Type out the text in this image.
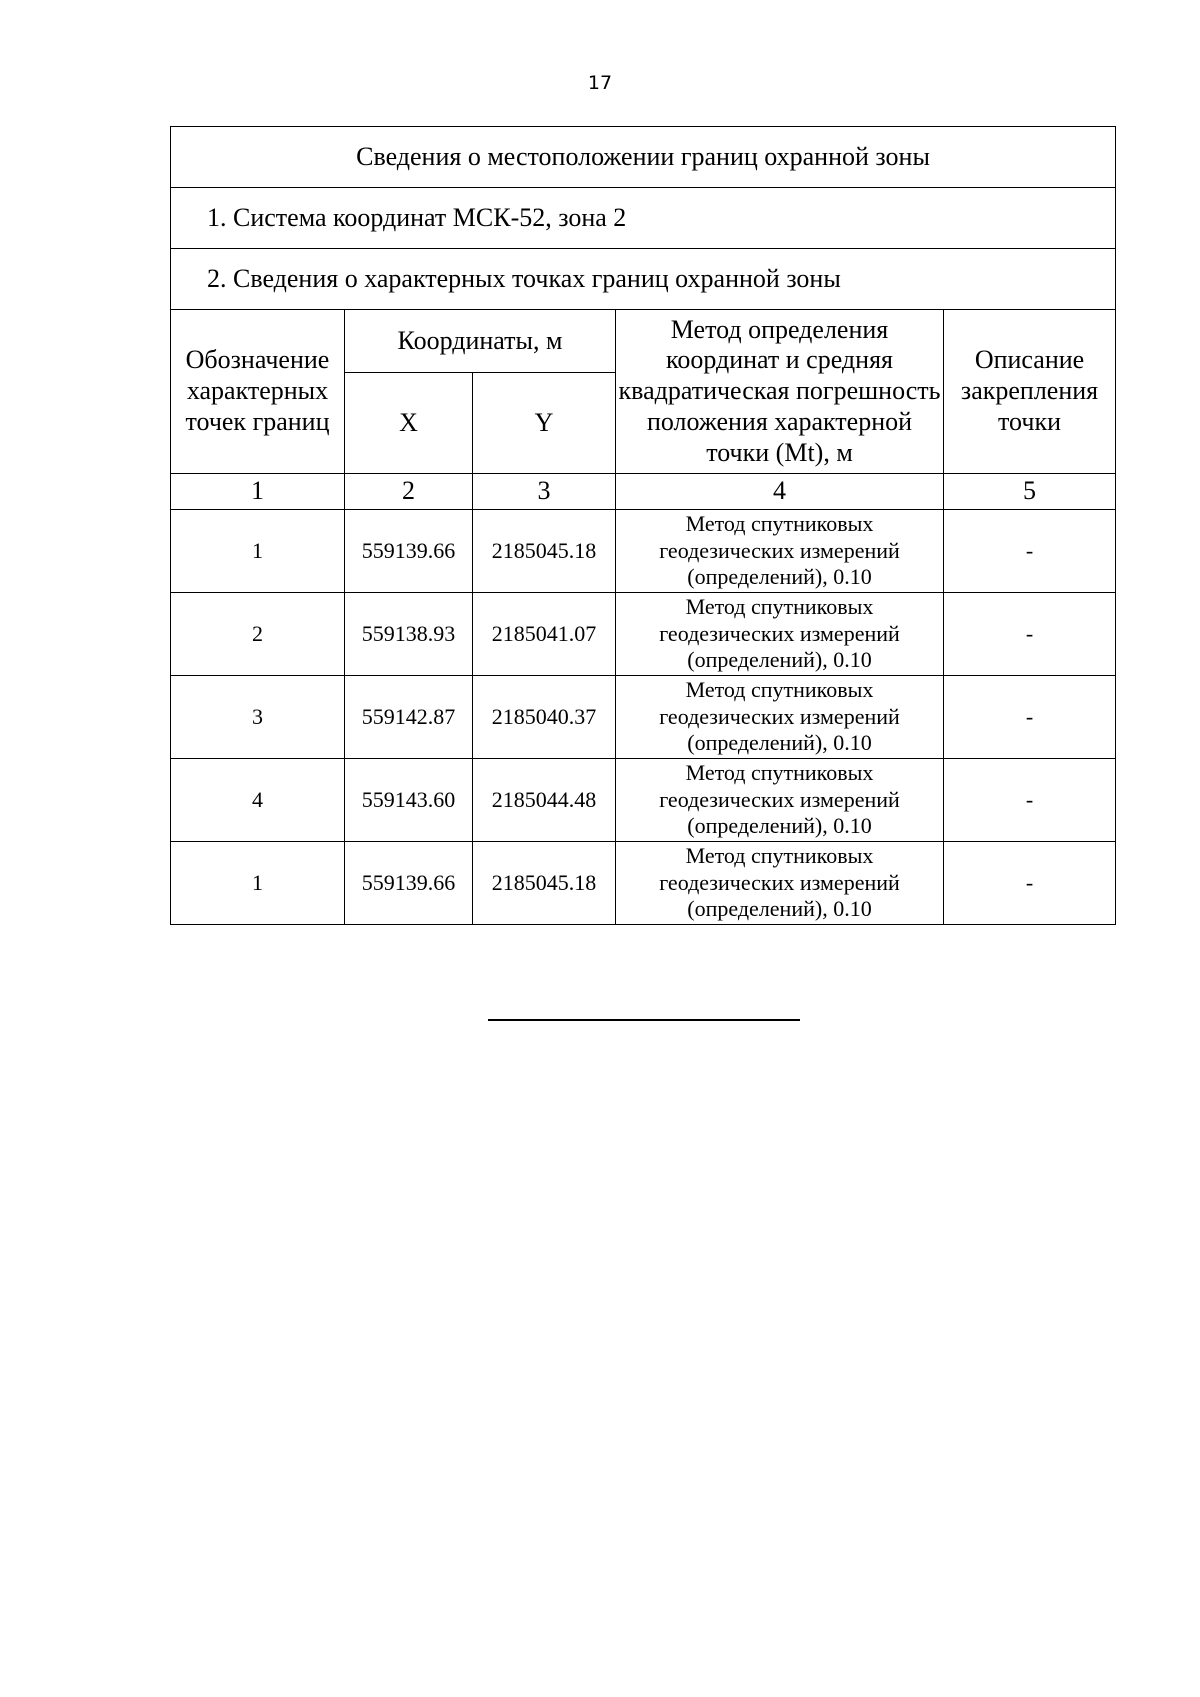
17
Сведения о местоположении границ охранной зоны				
1. Система координат МСК-52, зона 2				
2. Сведения о характерных точках границ охранной зоны				
Обозначение характерных точек границ	Координаты, м		Метод определения координат и средняя квадратическая погрешность положения характерной точки (Mt), м	Описание закрепления точки
	X	Y		
1	2	3	4	5
1	559139.66	2185045.18	Метод спутниковых геодезических измерений (определений), 0.10	-
2	559138.93	2185041.07	Метод спутниковых геодезических измерений (определений), 0.10	-
3	559142.87	2185040.37	Метод спутниковых геодезических измерений (определений), 0.10	-
4	559143.60	2185044.48	Метод спутниковых геодезических измерений (определений), 0.10	-
1	559139.66	2185045.18	Метод спутниковых геодезических измерений (определений), 0.10	-
